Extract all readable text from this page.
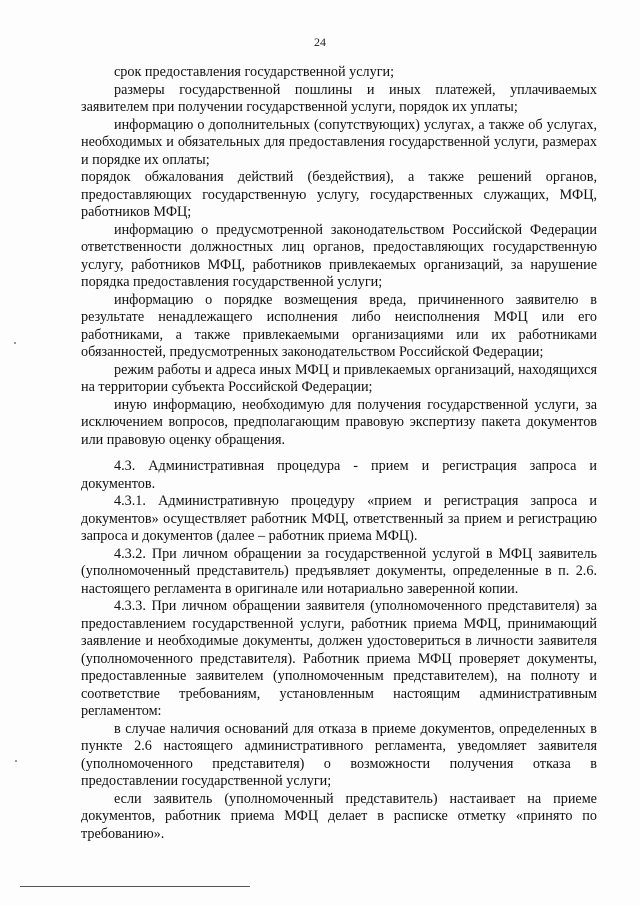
24

срок предоставления государственной услуги;

размеры государственной пошлины и иных платежей, уплачиваемых заявителем при получении государственной услуги, порядок их уплаты;

информацию о дополнительных (сопутствующих) услугах, а также об услугах, необходимых и обязательных для предоставления государственной услуги, размерах и порядке их оплаты;

порядок обжалования действий (бездействия), а также решений органов, предоставляющих государственную услугу, государственных служащих, МФЦ, работников МФЦ;

информацию о предусмотренной законодательством Российской Федерации ответственности должностных лиц органов, предоставляющих государственную услугу, работников МФЦ, работников привлекаемых организаций, за нарушение порядка предоставления государственной услуги;

информацию о порядке возмещения вреда, причиненного заявителю в результате ненадлежащего исполнения либо неисполнения МФЦ или его работниками, а также привлекаемыми организациями или их работниками обязанностей, предусмотренных законодательством Российской Федерации;

режим работы и адреса иных МФЦ и привлекаемых организаций, находящихся на территории субъекта Российской Федерации;

иную информацию, необходимую для получения государственной услуги, за исключением вопросов, предполагающим правовую экспертизу пакета документов или правовую оценку обращения.

4.3. Административная процедура - прием и регистрация запроса и документов.

4.3.1. Административную процедуру «прием и регистрация запроса и документов» осуществляет работник МФЦ, ответственный за прием и регистрацию запроса и документов (далее – работник приема МФЦ).

4.3.2. При личном обращении за государственной услугой в МФЦ заявитель (уполномоченный представитель) предъявляет документы, определенные в п. 2.6. настоящего регламента в оригинале или нотариально заверенной копии.

4.3.3. При личном обращении заявителя (уполномоченного представителя) за предоставлением государственной услуги, работник приема МФЦ, принимающий заявление и необходимые документы, должен удостовериться в личности заявителя (уполномоченного представителя). Работник приема МФЦ проверяет документы, предоставленные заявителем (уполномоченным представителем), на полноту и соответствие требованиям, установленным настоящим административным регламентом:

в случае наличия оснований для отказа в приеме документов, определенных в пункте 2.6 настоящего административного регламента, уведомляет заявителя (уполномоченного представителя) о возможности получения отказа в предоставлении государственной услуги;

если заявитель (уполномоченный представитель) настаивает на приеме документов, работник приема МФЦ делает в расписке отметку «принято по требованию».
